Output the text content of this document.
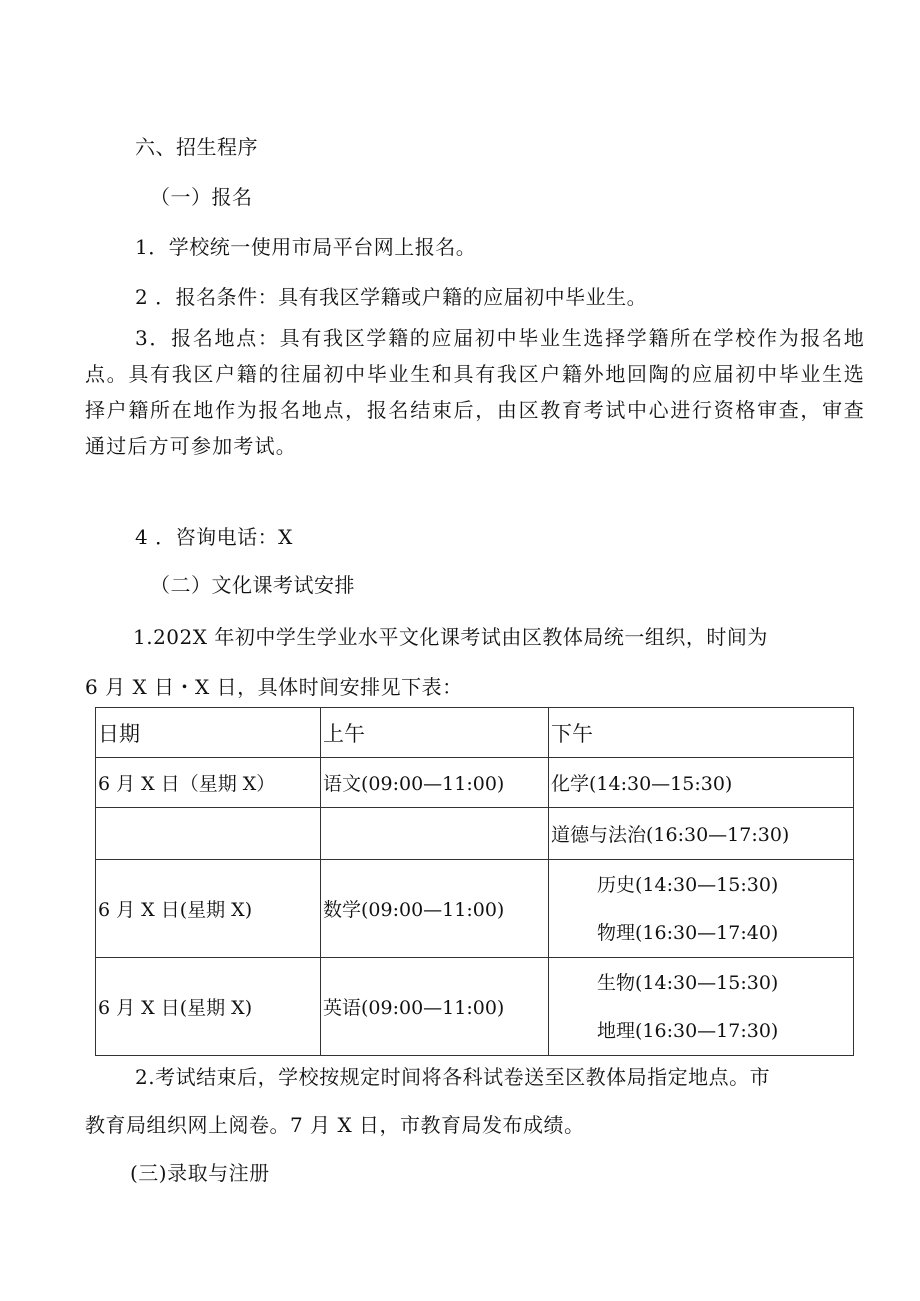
六、招生程序
（一）报名
1．学校统一使用市局平台网上报名。
2 ．报名条件：具有我区学籍或户籍的应届初中毕业生。
3．报名地点：具有我区学籍的应届初中毕业生选择学籍所在学校作为报名地点。具有我区户籍的往届初中毕业生和具有我区户籍外地回陶的应届初中毕业生选择户籍所在地作为报名地点，报名结束后，由区教育考试中心进行资格审查，审查通过后方可参加考试。
4 ．咨询电话：X
（二）文化课考试安排
1.202X 年初中学生学业水平文化课考试由区教体局统一组织，时间为
6 月 X 日・X 日，具体时间安排见下表：
日期	上午	下午

6 月 X 日（星期 X）	语文(09:00—11:00)	化学(14:30—15:30)

		道德与法治(16:30—17:30)

6 月 X 日(星期 X)	数学(09:00—11:00)	历史(14:30—15:30)
物理(16:30—17:40)

6 月 X 日(星期 X)	英语(09:00—11:00)	生物(14:30—15:30)
地理(16:30—17:30)
2.考试结束后，学校按规定时间将各科试卷送至区教体局指定地点。市
教育局组织网上阅卷。7 月 X 日，市教育局发布成绩。
(三)录取与注册
